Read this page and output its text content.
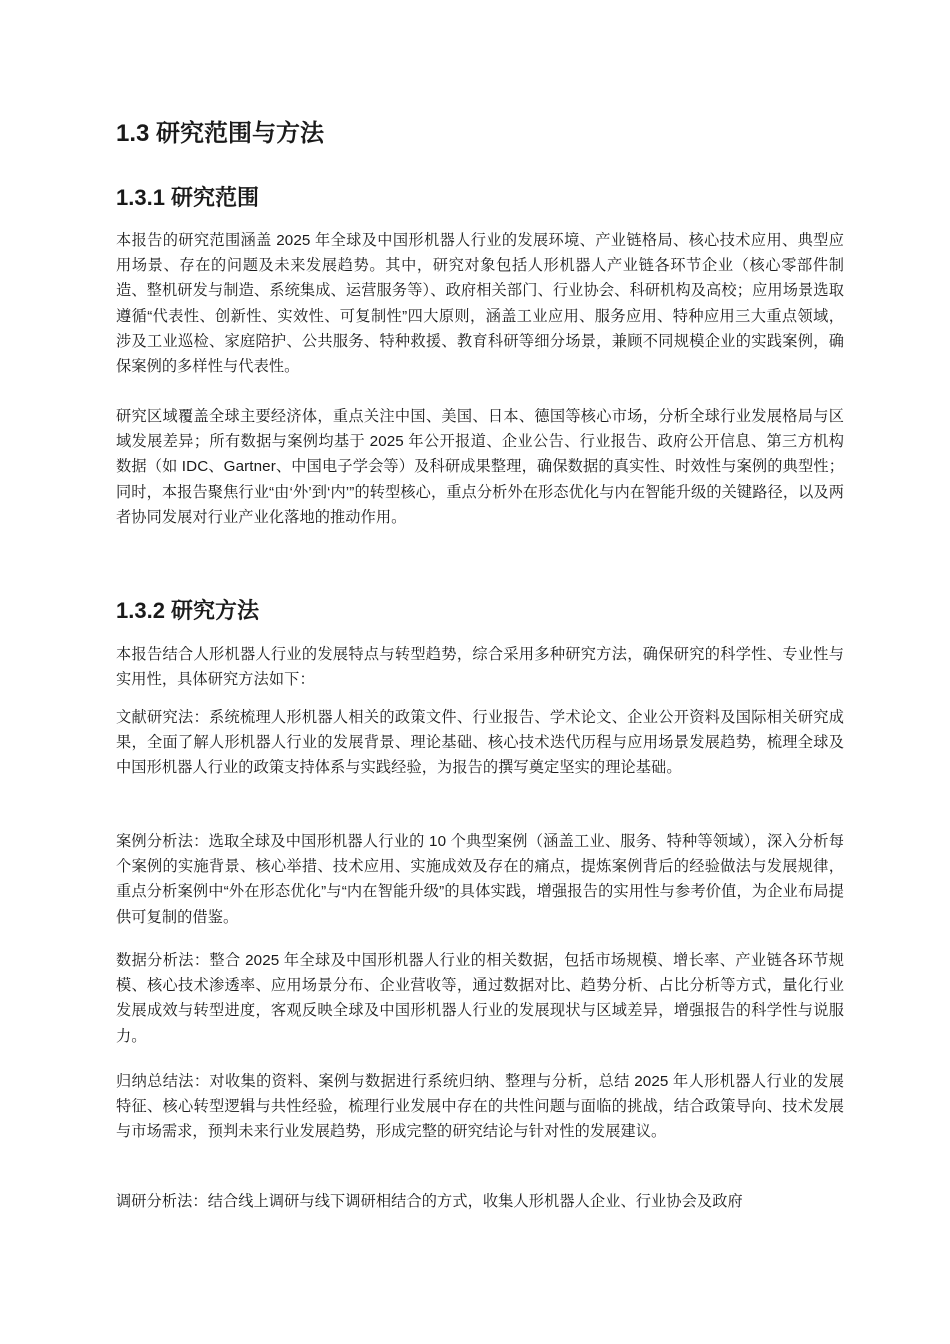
1.3 研究范围与方法
1.3.1 研究范围

本报告的研究范围涵盖 2025 年全球及中国形机器人行业的发展环境、产业链格局、核心技术应用、典型应用场景、存在的问题及未来发展趋势。其中，研究对象包括人形机器人产业链各环节企业（核心零部件制造、整机研发与制造、系统集成、运营服务等）、政府相关部门、行业协会、科研机构及高校；应用场景选取遵循“代表性、创新性、实效性、可复制性”四大原则，涵盖工业应用、服务应用、特种应用三大重点领域，涉及工业巡检、家庭陪护、公共服务、特种救援、教育科研等细分场景，兼顾不同规模企业的实践案例，确保案例的多样性与代表性。

研究区域覆盖全球主要经济体，重点关注中国、美国、日本、德国等核心市场，分析全球行业发展格局与区域发展差异；所有数据与案例均基于 2025 年公开报道、企业公告、行业报告、政府公开信息、第三方机构数据（如 IDC、Gartner、中国电子学会等）及科研成果整理，确保数据的真实性、时效性与案例的典型性；同时，本报告聚焦行业“由‘外’到‘内’”的转型核心，重点分析外在形态优化与内在智能升级的关键路径，以及两者协同发展对行业产业化落地的推动作用。

1.3.2 研究方法

本报告结合人形机器人行业的发展特点与转型趋势，综合采用多种研究方法，确保研究的科学性、专业性与实用性，具体研究方法如下：

文献研究法：系统梳理人形机器人相关的政策文件、行业报告、学术论文、企业公开资料及国际相关研究成果，全面了解人形机器人行业的发展背景、理论基础、核心技术迭代历程与应用场景发展趋势，梳理全球及中国形机器人行业的政策支持体系与实践经验，为报告的撰写奠定坚实的理论基础。

案例分析法：选取全球及中国形机器人行业的 10 个典型案例（涵盖工业、服务、特种等领域），深入分析每个案例的实施背景、核心举措、技术应用、实施成效及存在的痛点，提炼案例背后的经验做法与发展规律，重点分析案例中“外在形态优化”与“内在智能升级”的具体实践，增强报告的实用性与参考价值，为企业布局提供可复制的借鉴。

数据分析法：整合 2025 年全球及中国形机器人行业的相关数据，包括市场规模、增长率、产业链各环节规模、核心技术渗透率、应用场景分布、企业营收等，通过数据对比、趋势分析、占比分析等方式，量化行业发展成效与转型进度，客观反映全球及中国形机器人行业的发展现状与区域差异，增强报告的科学性与说服力。

归纳总结法：对收集的资料、案例与数据进行系统归纳、整理与分析，总结 2025 年人形机器人行业的发展特征、核心转型逻辑与共性经验，梳理行业发展中存在的共性问题与面临的挑战，结合政策导向、技术发展与市场需求，预判未来行业发展趋势，形成完整的研究结论与针对性的发展建议。

调研分析法：结合线上调研与线下调研相结合的方式，收集人形机器人企业、行业协会及政府
